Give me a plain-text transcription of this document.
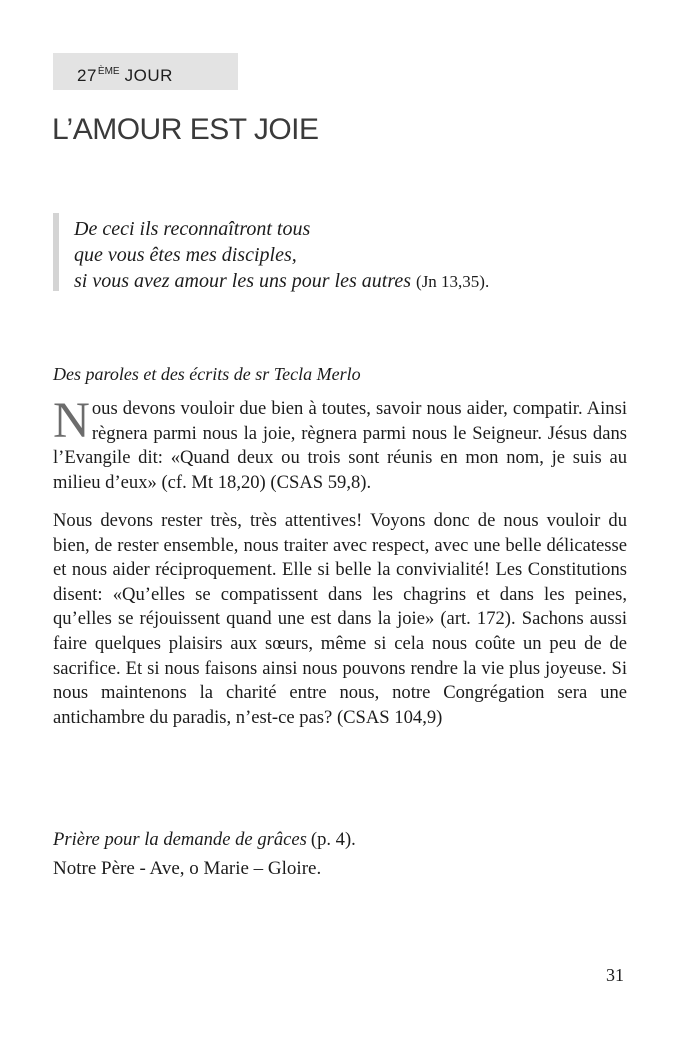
27ÈME JOUR
L’AMOUR EST JOIE
De ceci ils reconnaîtront tous
que vous êtes mes disciples,
si vous avez amour les uns pour les autres (Jn 13,35).
Des paroles et des écrits de sr Tecla Merlo

Nous devons vouloir due bien à toutes, savoir nous aider, compatir. Ainsi règnera parmi nous la joie, règnera parmi nous le Seigneur. Jésus dans l’Evangile dit: «Quand deux ou trois sont réunis en mon nom, je suis au milieu d’eux» (cf. Mt 18,20) (CSAS 59,8).

Nous devons rester très, très attentives! Voyons donc de nous vouloir du bien, de rester ensemble, nous traiter avec respect, avec une belle délicatesse et nous aider réciproquement. Elle si belle la convivialité! Les Constitutions disent: «Qu’elles se compatissent dans les chagrins et dans les peines, qu’elles se réjouissent quand une est dans la joie» (art. 172). Sachons aussi faire quelques plaisirs aux sœurs, même si cela nous coûte un peu de de sacrifice. Et si nous faisons ainsi nous pouvons rendre la vie plus joyeuse. Si nous maintenons la charité entre nous, notre Congrégation sera une antichambre du paradis, n’est-ce pas? (CSAS 104,9)

Prière pour la demande de grâces (p. 4).
Notre Père - Ave, o Marie – Gloire.
31
